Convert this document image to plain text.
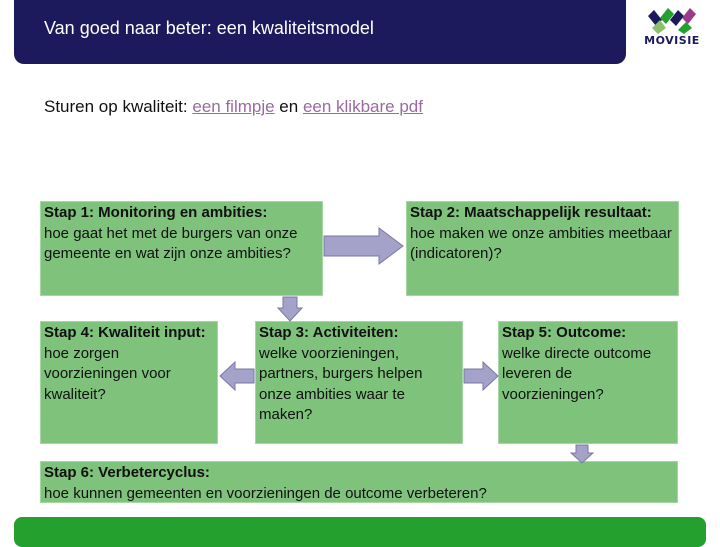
Van goed naar beter: een kwaliteitsmodel
MOVISIE
Sturen op kwaliteit: een filmpje en een klikbare pdf
Stap 1: Monitoring en ambities:
hoe gaat het met de burgers van onze gemeente en wat zijn onze ambities?
Stap 2: Maatschappelijk resultaat:
hoe maken we onze ambities meetbaar (indicatoren)?
Stap 4: Kwaliteit input:
hoe zorgen voorzieningen voor kwaliteit?
Stap 3: Activiteiten:
welke voorzieningen, partners, burgers helpen onze ambities waar te maken?
Stap 5: Outcome:
welke directe outcome leveren de voorzieningen?
Stap 6: Verbetercyclus:
hoe kunnen gemeenten en voorzieningen de outcome verbeteren?
